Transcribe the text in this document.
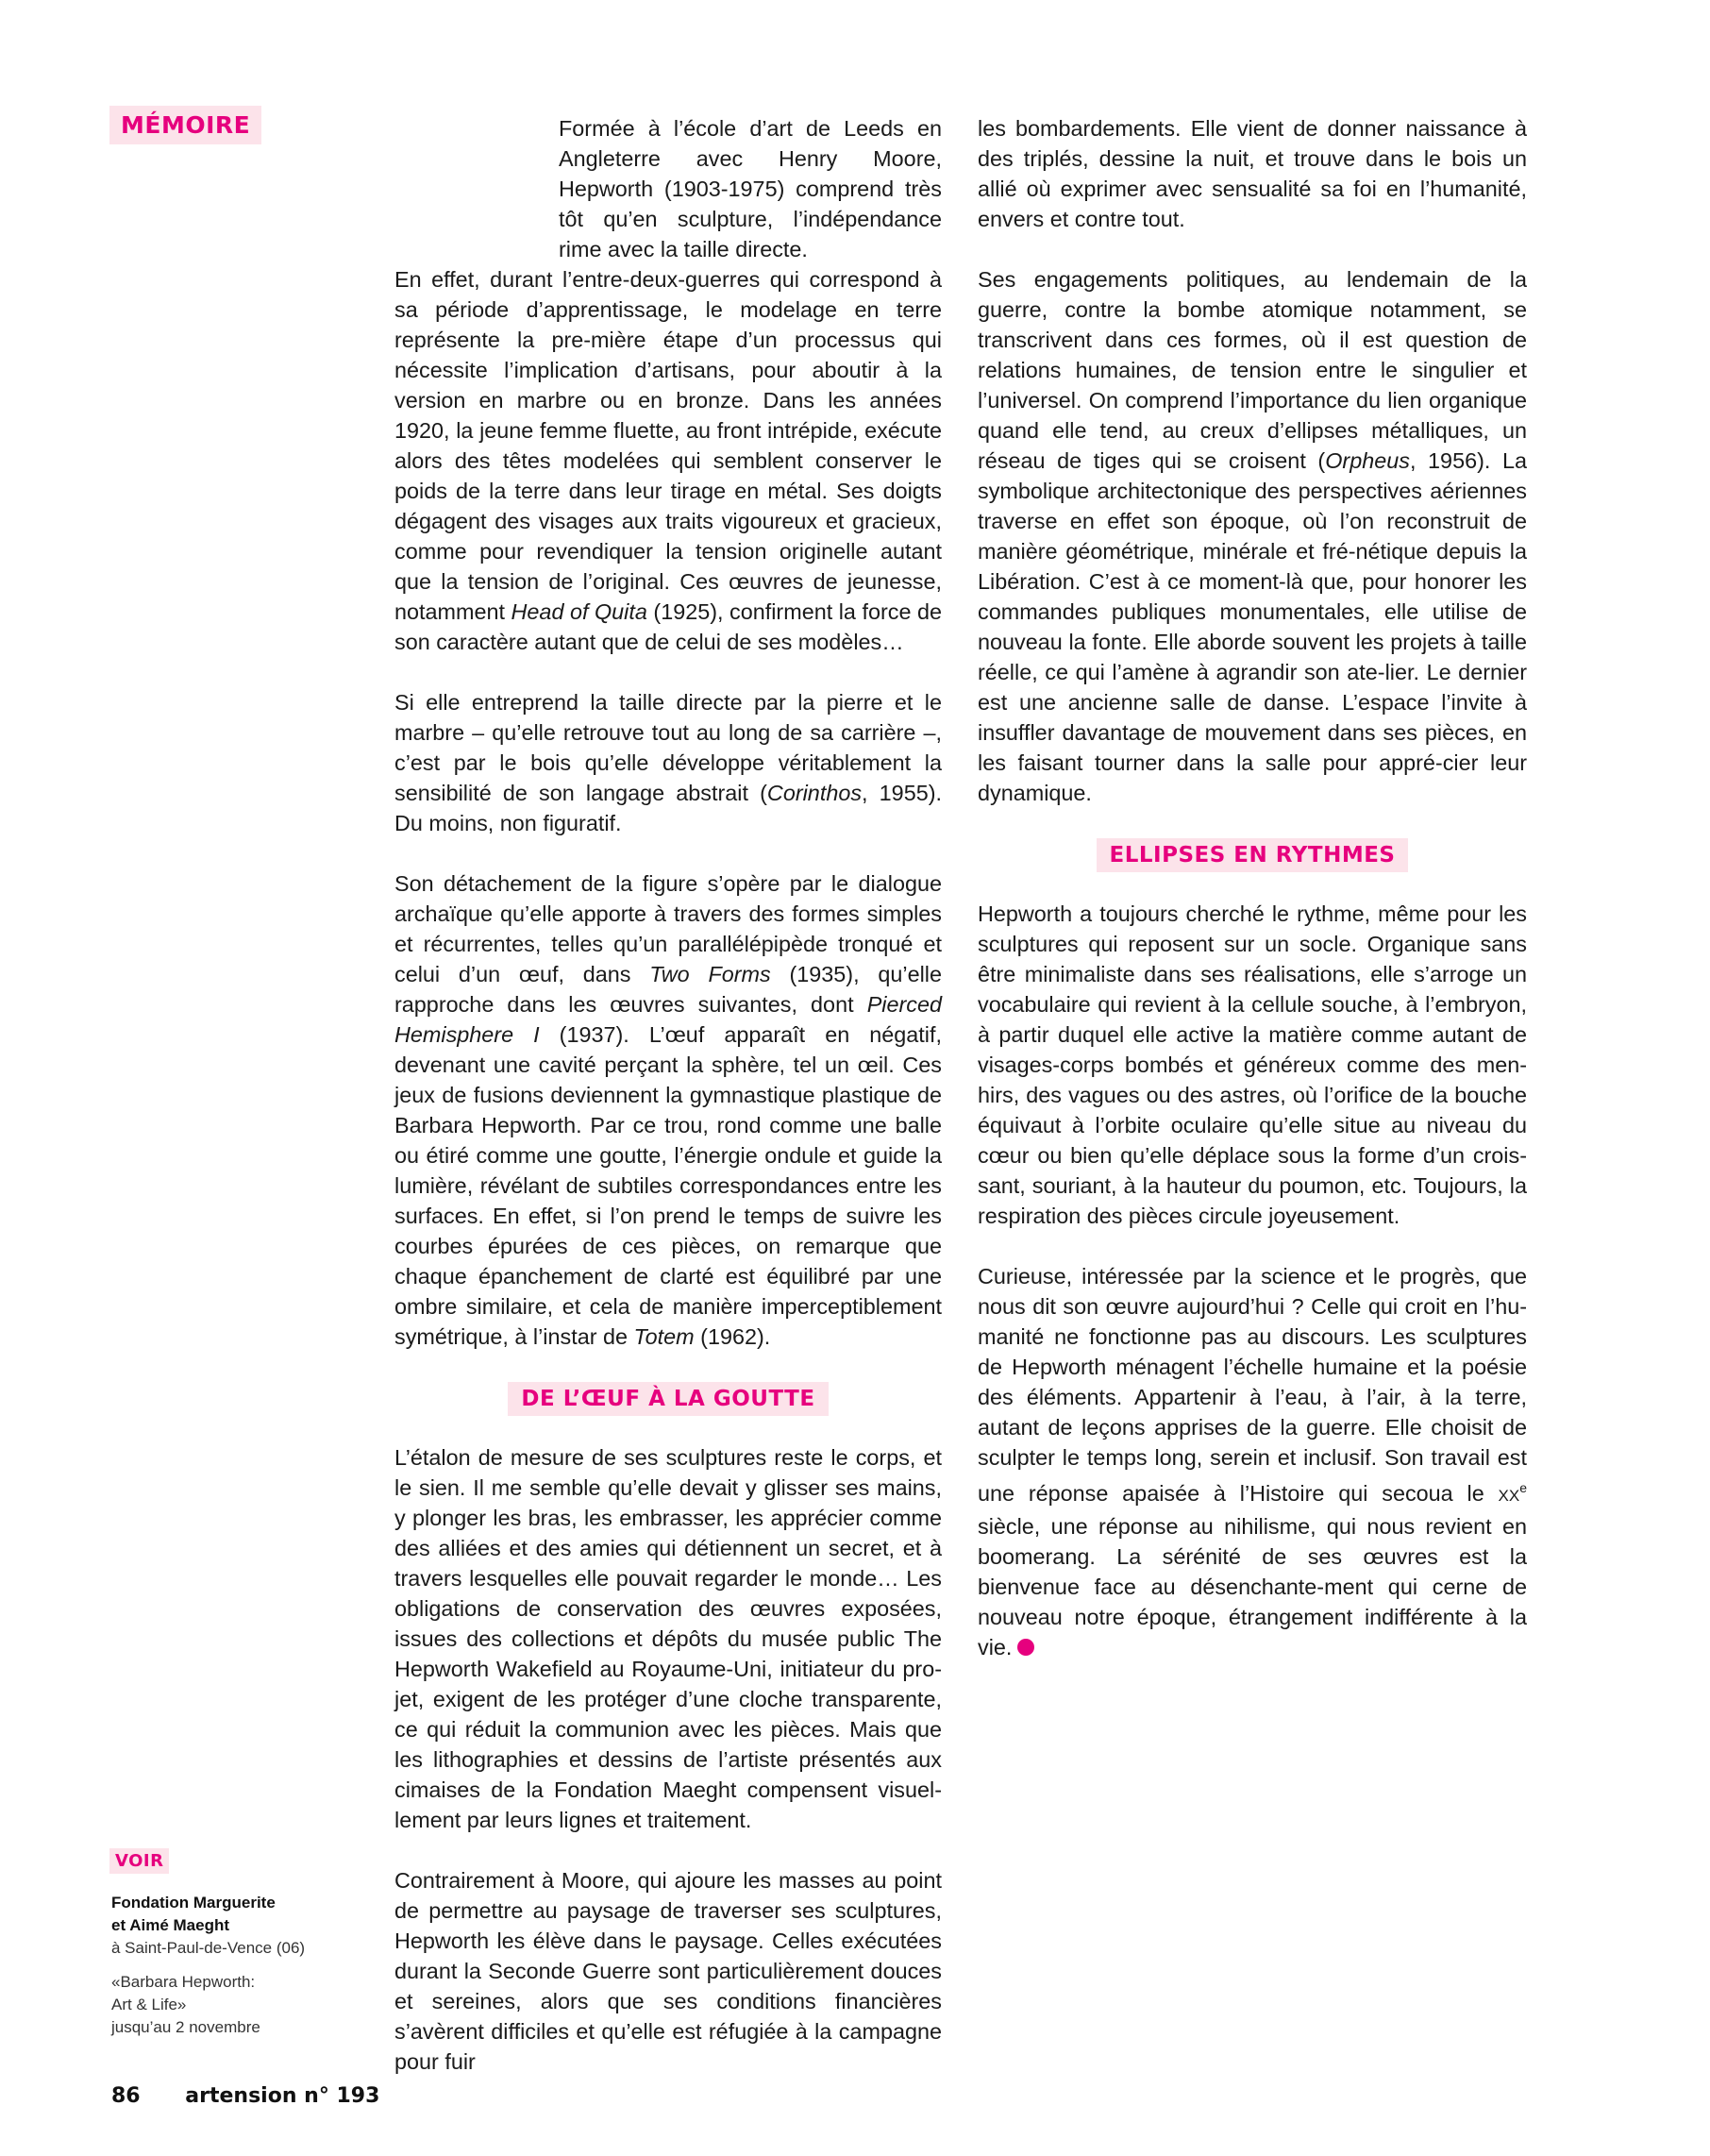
MÉMOIRE	Formée à l’école d’art de Leeds en Angleterre avec Henry Moore, Hepworth (1903-1975) comprend très tôt qu’en sculpture, l’indépendance rime avec la taille directe.
En effet, durant l’entre-deux-guerres qui correspond à sa période d’apprentissage, le modelage en terre représente la pre-mière étape d’un processus qui nécessite l’implication d’artisans, pour aboutir à la version en marbre ou en bronze. Dans les années 1920, la jeune femme fluette, au front intrépide, exécute alors des têtes modelées qui semblent conserver le poids de la terre dans leur tirage en métal. Ses doigts dégagent des visages aux traits vigoureux et gracieux, comme pour revendiquer la tension originelle autant que la tension de l’original. Ces œuvres de jeunesse, notamment Head of Quita (1925), confirment la force de son caractère autant que de celui de ses modèles…

Si elle entreprend la taille directe par la pierre et le marbre – qu’elle retrouve tout au long de sa carrière –, c’est par le bois qu’elle développe véritablement la sensibilité de son langage abstrait (Corinthos, 1955). Du moins, non figuratif.

Son détachement de la figure s’opère par le dialogue archaïque qu’elle apporte à travers des formes simples et récurrentes, telles qu’un parallélépipède tronqué et celui d’un œuf, dans Two Forms (1935), qu’elle rapproche dans les œuvres suivantes, dont Pierced Hemisphere I (1937). L’œuf apparaît en négatif, devenant une cavité perçant la sphère, tel un œil. Ces jeux de fusions deviennent la gymnastique plastique de Barbara Hepworth. Par ce trou, rond comme une balle ou étiré comme une goutte, l’énergie ondule et guide la lumière, révélant de subtiles correspondances entre les surfaces. En effet, si l’on prend le temps de suivre les courbes épurées de ces pièces, on remarque que chaque épanchement de clarté est équilibré par une ombre similaire, et cela de manière imperceptiblement symétrique, à l’instar de Totem (1962).

DE L’ŒUF À LA GOUTTE

L’étalon de mesure de ses sculptures reste le corps, et le sien. Il me semble qu’elle devait y glisser ses mains, y plonger les bras, les embrasser, les apprécier comme des alliées et des amies qui détiennent un secret, et à travers lesquelles elle pouvait regarder le monde… Les obligations de conservation des œuvres exposées, issues des collections et dépôts du musée public The Hepworth Wakefield au Royaume-Uni, initiateur du pro-jet, exigent de les protéger d’une cloche transparente, ce qui réduit la communion avec les pièces. Mais que les lithographies et dessins de l’artiste présentés aux cimaises de la Fondation Maeght compensent visuel-lement par leurs lignes et traitement.

Contrairement à Moore, qui ajoure les masses au point de permettre au paysage de traverser ses sculptures, Hepworth les élève dans le paysage. Celles exécutées durant la Seconde Guerre sont particulièrement douces et sereines, alors que ses conditions financières s’avèrent difficiles et qu’elle est réfugiée à la campagne pour fuir

les bombardements. Elle vient de donner naissance à des triplés, dessine la nuit, et trouve dans le bois un allié où exprimer avec sensualité sa foi en l’humanité, envers et contre tout.

Ses engagements politiques, au lendemain de la guerre, contre la bombe atomique notamment, se transcrivent dans ces formes, où il est question de relations humaines, de tension entre le singulier et l’universel. On comprend l’importance du lien organique quand elle tend, au creux d’ellipses métalliques, un réseau de tiges qui se croisent (Orpheus, 1956). La symbolique architectonique des perspectives aériennes traverse en effet son époque, où l’on reconstruit de manière géométrique, minérale et fré-nétique depuis la Libération. C’est à ce moment-là que, pour honorer les commandes publiques monumentales, elle utilise de nouveau la fonte. Elle aborde souvent les projets à taille réelle, ce qui l’amène à agrandir son ate-lier. Le dernier est une ancienne salle de danse. L’espace l’invite à insuffler davantage de mouvement dans ses pièces, en les faisant tourner dans la salle pour appré-cier leur dynamique.

ELLIPSES EN RYTHMES

Hepworth a toujours cherché le rythme, même pour les sculptures qui reposent sur un socle. Organique sans être minimaliste dans ses réalisations, elle s’arroge un vocabulaire qui revient à la cellule souche, à l’embryon, à partir duquel elle active la matière comme autant de visages-corps bombés et généreux comme des men-hirs, des vagues ou des astres, où l’orifice de la bouche équivaut à l’orbite oculaire qu’elle situe au niveau du cœur ou bien qu’elle déplace sous la forme d’un crois-sant, souriant, à la hauteur du poumon, etc. Toujours, la respiration des pièces circule joyeusement.

Curieuse, intéressée par la science et le progrès, que nous dit son œuvre aujourd’hui ? Celle qui croit en l’hu-manité ne fonctionne pas au discours. Les sculptures de Hepworth ménagent l’échelle humaine et la poésie des éléments. Appartenir à l’eau, à l’air, à la terre, autant de leçons apprises de la guerre. Elle choisit de sculpter le temps long, serein et inclusif. Son travail est une réponse apaisée à l’Histoire qui secoua le XXe siècle, une réponse au nihilisme, qui nous revient en boomerang. La sérénité de ses œuvres est la bienvenue face au désenchante-ment qui cerne de nouveau notre époque, étrangement indifférente à la vie.

VOIR
Fondation Marguerite
et Aimé Maeght
à Saint-Paul-de-Vence (06)
«Barbara Hepworth:
Art & Life»
jusqu’au 2 novembre
86 artension n° 193
